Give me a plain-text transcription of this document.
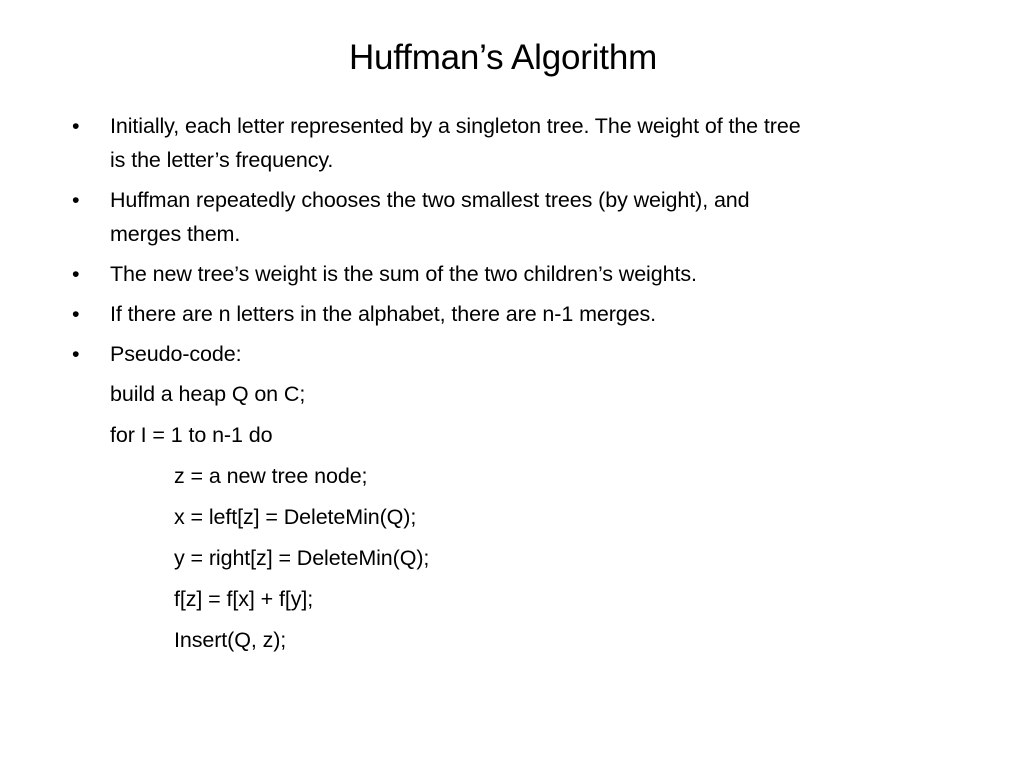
Huffman’s Algorithm
•	Initially, each letter represented by a singleton tree. The weight of the tree
is the letter’s frequency.
•	Huffman repeatedly chooses the two smallest trees (by weight), and
merges them.
•	The new tree’s weight is the sum of the two children’s weights.
•	If there are n letters in the alphabet, there are n-1 merges.
•	Pseudo-code:
build a heap Q on C;
for I = 1 to n-1 do
z = a new tree node;
x = left[z] = DeleteMin(Q);
y = right[z] = DeleteMin(Q);
f[z] = f[x] + f[y];
Insert(Q, z);
